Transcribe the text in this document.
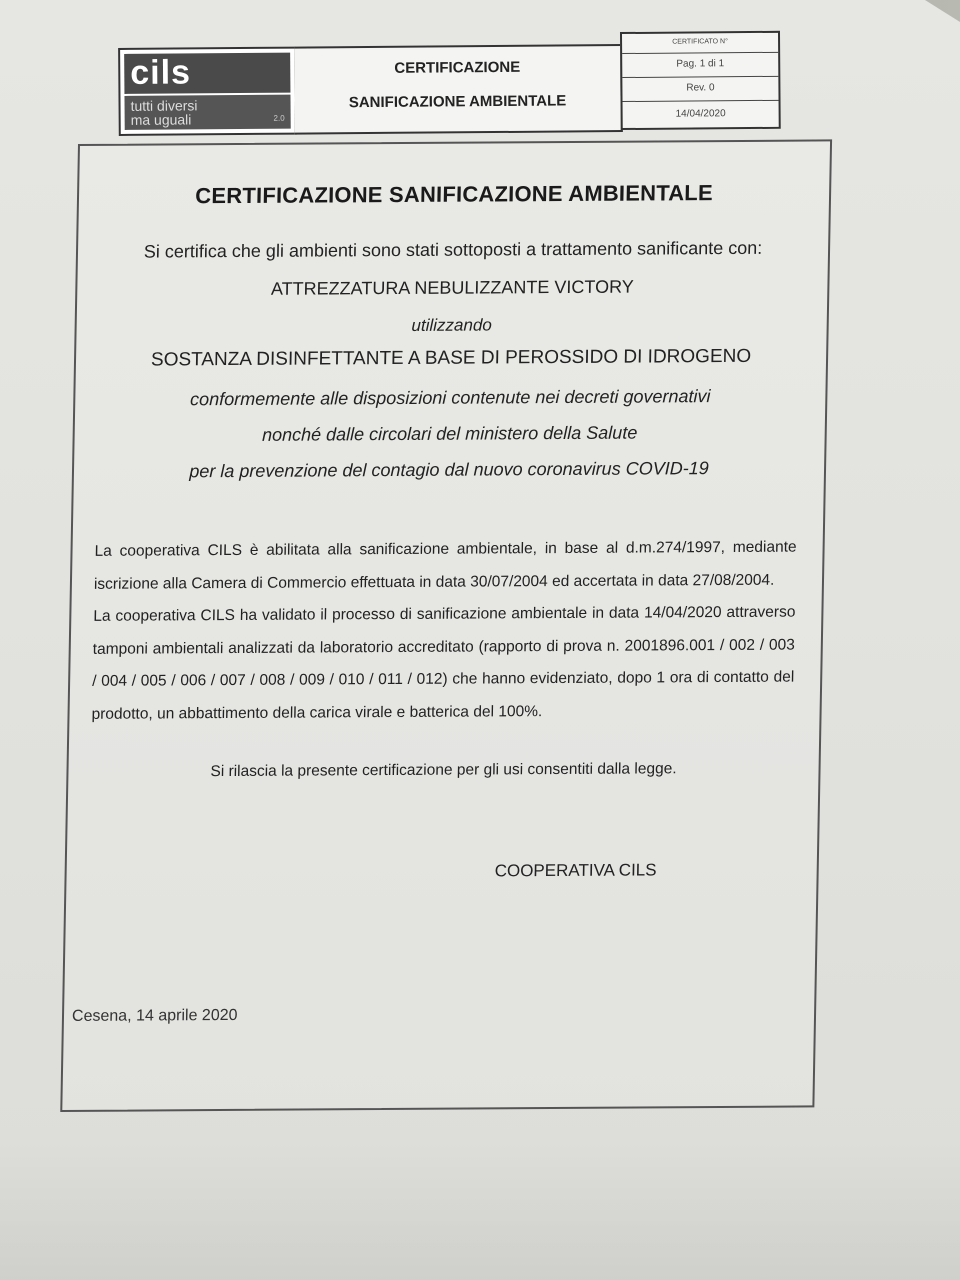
cils
tutti diversi
ma uguali	2.0
CERTIFICAZIONE
SANIFICAZIONE AMBIENTALE
CERTIFICATO N°
Pag. 1 di 1
Rev. 0
14/04/2020
CERTIFICAZIONE SANIFICAZIONE AMBIENTALE
Si certifica che gli ambienti sono stati sottoposti a trattamento sanificante con:
ATTREZZATURA NEBULIZZANTE VICTORY
utilizzando
SOSTANZA DISINFETTANTE A BASE DI PEROSSIDO DI IDROGENO
conformemente alle disposizioni contenute nei decreti governativi
nonché dalle circolari del ministero della Salute
per la prevenzione del contagio dal nuovo coronavirus COVID-19

La cooperativa CILS è abilitata alla sanificazione ambientale, in base al d.m.274/1997, mediante iscrizione alla Camera di Commercio effettuata in data 30/07/2004 ed accertata in data 27/08/2004.

La cooperativa CILS ha validato il processo di sanificazione ambientale in data 14/04/2020 attraverso tamponi ambientali analizzati da laboratorio accreditato (rapporto di prova n. 2001896.001 / 002 / 003 / 004 / 005 / 006 / 007 / 008 / 009 / 010 / 011 / 012) che hanno evidenziato, dopo 1 ora di contatto del prodotto, un abbattimento della carica virale e batterica del 100%.

Si rilascia la presente certificazione per gli usi consentiti dalla legge.
COOPERATIVA CILS
Cesena, 14 aprile 2020
